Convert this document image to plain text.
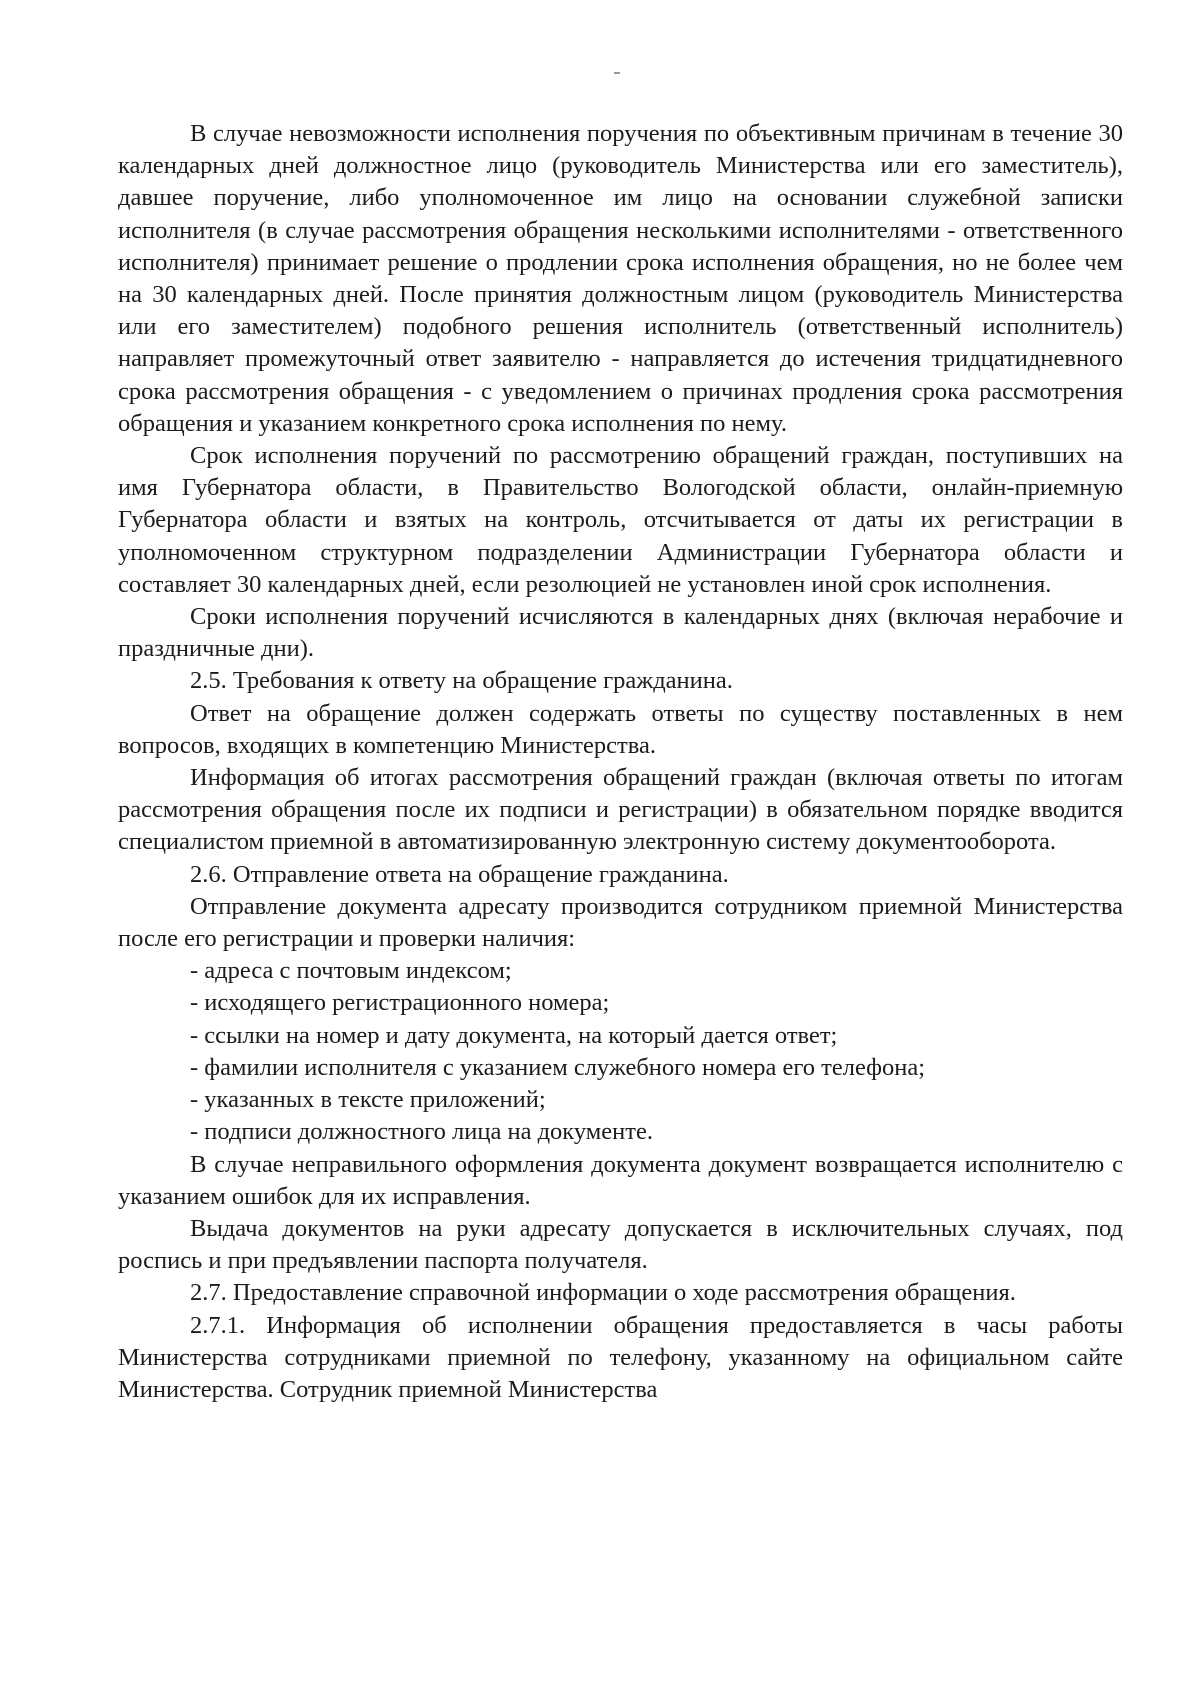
В случае невозможности исполнения поручения по объективным причинам в течение 30 календарных дней должностное лицо (руководитель Министерства или его заместитель), давшее поручение, либо уполномоченное им лицо на основании служебной записки исполнителя (в случае рассмотрения обращения несколькими исполнителями - ответственного исполнителя) принимает решение о продлении срока исполнения обращения, но не более чем на 30 календарных дней. После принятия должностным лицом (руководитель Министерства или его заместителем) подобного решения исполнитель (ответственный исполнитель) направляет промежуточный ответ заявителю - направляется до истечения тридцатидневного срока рассмотрения обращения - с уведомлением о причинах продления срока рассмотрения обращения и указанием конкретного срока исполнения по нему.

Срок исполнения поручений по рассмотрению обращений граждан, поступивших на имя Губернатора области, в Правительство Вологодской области, онлайн-приемную Губернатора области и взятых на контроль, отсчитывается от даты их регистрации в уполномоченном структурном подразделении Администрации Губернатора области и составляет 30 календарных дней, если резолюцией не установлен иной срок исполнения.

Сроки исполнения поручений исчисляются в календарных днях (включая нерабочие и праздничные дни).

2.5. Требования к ответу на обращение гражданина.

Ответ на обращение должен содержать ответы по существу поставленных в нем вопросов, входящих в компетенцию Министерства.

Информация об итогах рассмотрения обращений граждан (включая ответы по итогам рассмотрения обращения после их подписи и регистрации) в обязательном порядке вводится специалистом приемной в автоматизированную электронную систему документооборота.

2.6. Отправление ответа на обращение гражданина.

Отправление документа адресату производится сотрудником приемной Министерства после его регистрации и проверки наличия:

- адреса с почтовым индексом;

- исходящего регистрационного номера;

- ссылки на номер и дату документа, на который дается ответ;

- фамилии исполнителя с указанием служебного номера его телефона;

- указанных в тексте приложений;

- подписи должностного лица на документе.

В случае неправильного оформления документа документ возвращается исполнителю с указанием ошибок для их исправления.

Выдача документов на руки адресату допускается в исключительных случаях, под роспись и при предъявлении паспорта получателя.

2.7. Предоставление справочной информации о ходе рассмотрения обращения.

2.7.1. Информация об исполнении обращения предоставляется в часы работы Министерства сотрудниками приемной по телефону, указанному на официальном сайте Министерства. Сотрудник приемной Министерства
